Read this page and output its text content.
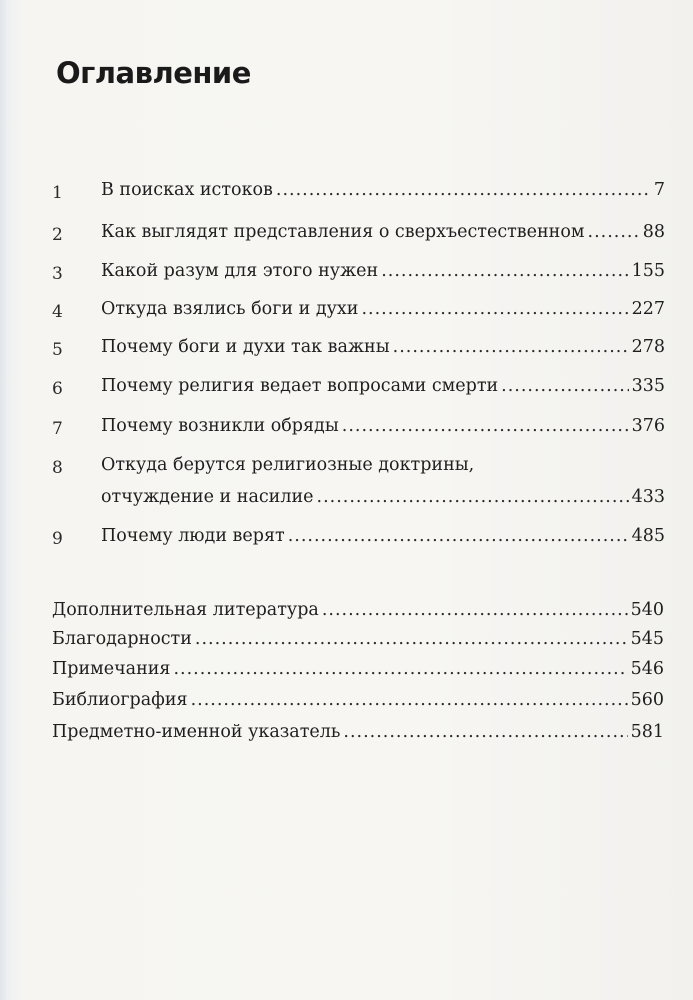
Оглавление
1 В поисках истоков .....	7
2 Как выглядят представления о сверхъестественном .....	88
3 Какой разум для этого нужен .....	155
4 Откуда взялись боги и духи .....	227
5 Почему боги и духи так важны .....	278
6 Почему религия ведает вопросами смерти .....	335
7 Почему возникли обряды .....	376
8 Откуда берутся религиозные доктрины,
отчуждение и насилие .....	433
9 Почему люди верят .....	485
Дополнительная литература .....	540
Благодарности .....	545
Примечания .....	546
Библиография .....	560
Предметно-именной указатель .....	581
